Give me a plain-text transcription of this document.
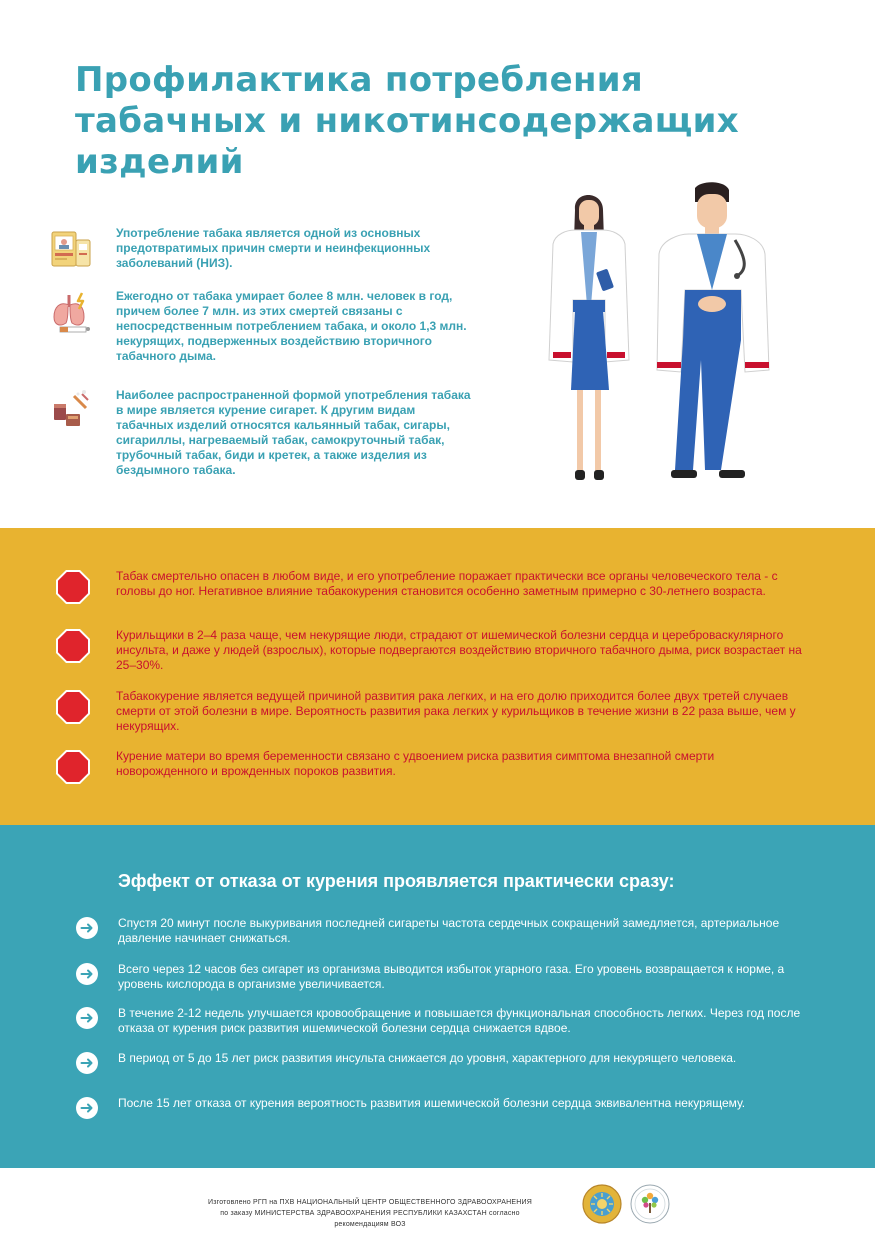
Профилактика потребления
табачных и никотинсодержащих
изделий

Употребление табака является одной из основных предотвратимых причин смерти и неинфекционных заболеваний (НИЗ).

Ежегодно от табака умирает более 8 млн. человек в год, причем более 7 млн. из этих смертей связаны с непосредственным потреблением табака, и около 1,3 млн. некурящих, подверженных воздействию вторичного табачного дыма.

Наиболее распространенной формой употребления табака в мире является курение сигарет. К другим видам табачных изделий относятся кальянный табак, сигары, сигариллы, нагреваемый табак, самокруточный табак, трубочный табак, биди и кретек, а также изделия из бездымного табака.

Табак смертельно опасен в любом виде, и его употребление поражает практически все органы человеческого тела - с головы до ног. Негативное влияние табакокурения становится особенно заметным примерно с 30-летнего возраста.

Курильщики в 2–4 раза чаще, чем некурящие люди, страдают от ишемической болезни сердца и цереброваскулярного инсульта, и даже у людей (взрослых), которые подвергаются воздействию вторичного табачного дыма, риск возрастает на 25–30%.

Табакокурение является ведущей причиной развития рака легких, и на его долю приходится более двух третей случаев смерти от этой болезни в мире. Вероятность развития рака легких у курильщиков в течение жизни в 22 раза выше, чем у некурящих.

Курение матери во время беременности связано с удвоением риска развития симптома внезапной смерти новорожденного и врожденных пороков развития.

Эффект от отказа от курения проявляется практически сразу:

Спустя 20 минут после выкуривания последней сигареты частота сердечных сокращений замедляется, артериальное давление начинает снижаться.

Всего через 12 часов без сигарет из организма выводится избыток угарного газа. Его уровень возвращается к норме, а уровень кислорода в организме увеличивается.

В течение 2-12 недель улучшается кровообращение и повышается функциональная способность легких. Через год после отказа от курения риск развития ишемической болезни сердца снижается вдвое.

В период от 5 до 15 лет риск развития инсульта снижается до уровня, характерного для некурящего человека.

После 15 лет отказа от курения вероятность развития ишемической болезни сердца эквивалентна некурящему.

Изготовлено РГП на ПХВ НАЦИОНАЛЬНЫЙ ЦЕНТР ОБЩЕСТВЕННОГО ЗДРАВООХРАНЕНИЯ
по заказу МИНИСТЕРСТВА ЗДРАВООХРАНЕНИЯ РЕСПУБЛИКИ КАЗАХСТАН согласно
рекомендациям ВОЗ
